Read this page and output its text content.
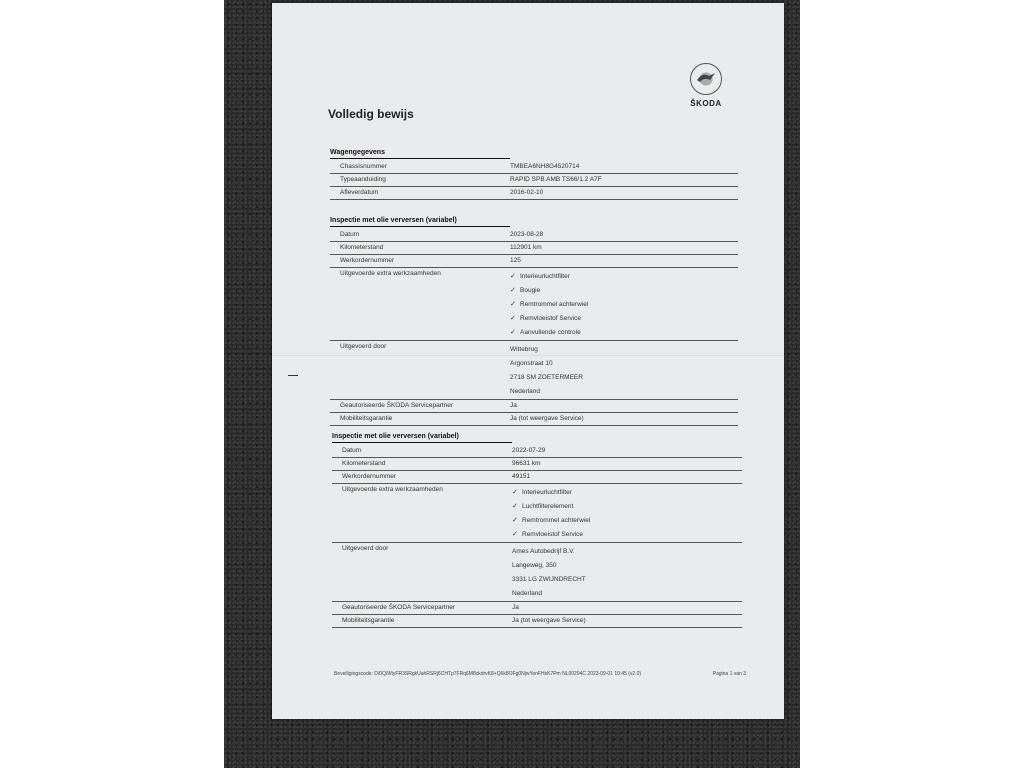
ŠKODA
Volledig bewijs
Wagengegevens
Chassisnummer	TMBEA6NH8G4520714
Typeaanduiding	RAPID SPB AMB TS66/1.2 A7F
Afleverdatum	2016-02-10
Inspectie met olie verversen (variabel)
Datum	2023-08-28
Kilometerstand	112901 km
Werkordernummer	125
Uitgevoerde extra werkzaamheden	✓ Interieurluchtfilter
✓ Bougie
✓ Remtrommel achterwiel
✓ Remvloeistof Service
✓ Aanvullende controle
Uitgevoerd door	Wittebrug
Argonstraat 10
2718 SM ZOETERMEER
Nederland
Geautoriseerde ŠKODA Servicepartner	Ja
Mobiliteitsgarantie	Ja (tot weergave Service)
Inspectie met olie verversen (variabel)
Datum	2022-07-29
Kilometerstand	96631 km
Werkordernummer	49151
Uitgevoerde extra werkzaamheden	✓ Interieurluchtfilter
✓ Luchtfilterelement
✓ Remtrommel achterwiel
✓ Remvloeistof Service
Uitgevoerd door	Ames Autobedrijf B.V.
Langeweg, 350
3331 LG ZWIJNDRECHT
Nederland
Geautoriseerde ŠKODA Servicepartner	Ja
Mobiliteitsgarantie	Ja (tot weergave Service)
Beveiligingscode: D/0Q6f/tyFR3SRgkUahRSRj6CHTp7FRq6M8ckdrvK8+Q6k8OFg0NjwYenFHsK7Pm NL00294C 2023-09-01 10:45 (v2.0)	Pagina 1 van 3
